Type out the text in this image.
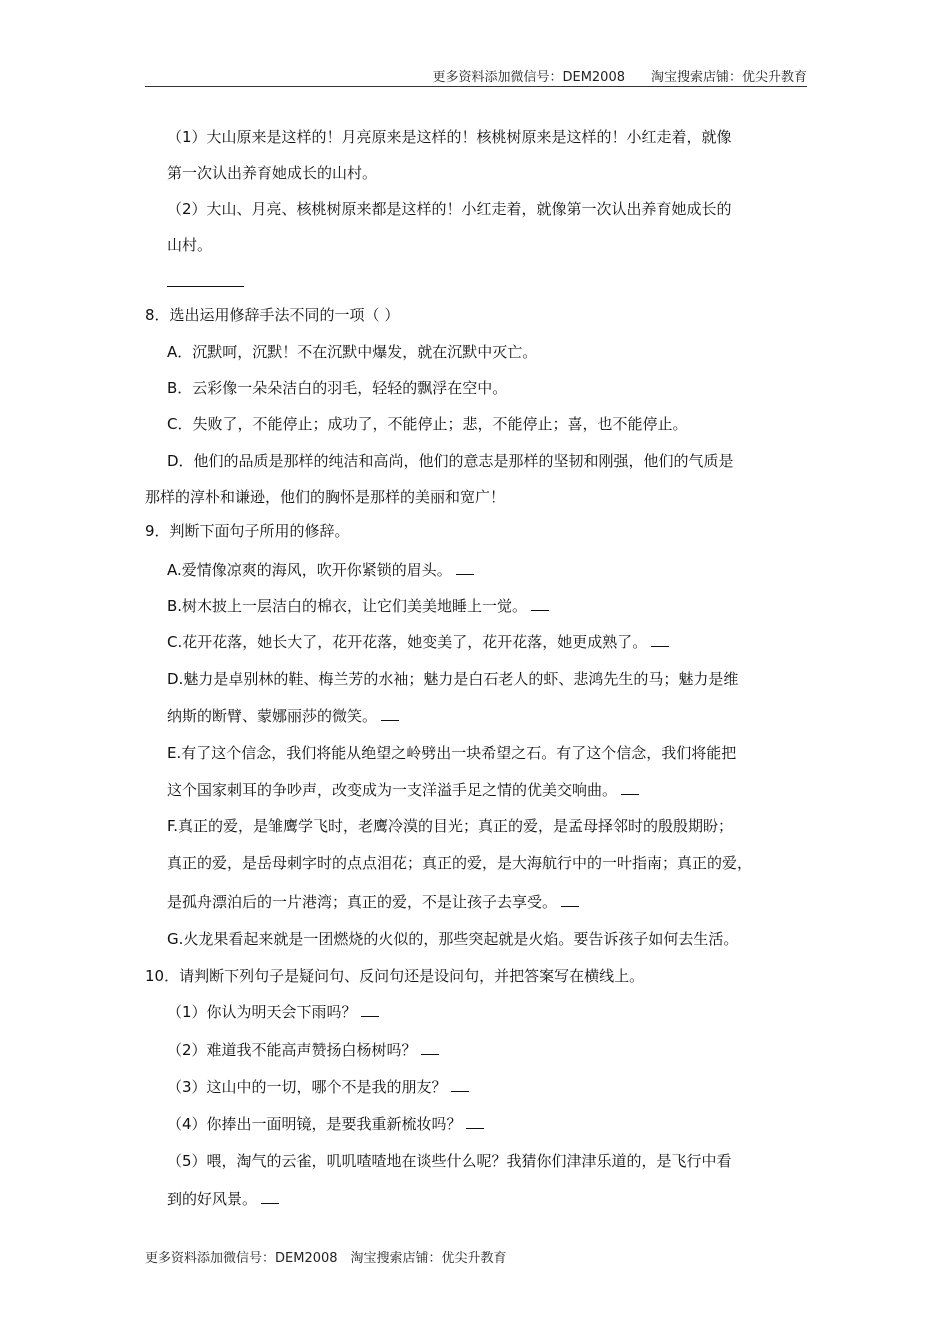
更多资料添加微信号：DEM2008　　淘宝搜索店铺：优尖升教育
（1）大山原来是这样的！月亮原来是这样的！核桃树原来是这样的！小红走着，就像
第一次认出养育她成长的山村。
（2）大山、月亮、核桃树原来都是这样的！小红走着，就像第一次认出养育她成长的
山村。
8．选出运用修辞手法不同的一项（ ）
A．沉默呵，沉默！不在沉默中爆发，就在沉默中灭亡。
B．云彩像一朵朵洁白的羽毛，轻轻的飘浮在空中。
C．失败了，不能停止；成功了，不能停止；悲，不能停止；喜，也不能停止。
D．他们的品质是那样的纯洁和高尚，他们的意志是那样的坚韧和刚强，他们的气质是
那样的淳朴和谦逊，他们的胸怀是那样的美丽和宽广！
9．判断下面句子所用的修辞。
A.爱情像凉爽的海风，吹开你紧锁的眉头。
B.树木披上一层洁白的棉衣，让它们美美地睡上一觉。
C.花开花落，她长大了，花开花落，她变美了，花开花落，她更成熟了。
D.魅力是卓别林的鞋、梅兰芳的水袖；魅力是白石老人的虾、悲鸿先生的马；魅力是维
纳斯的断臂、蒙娜丽莎的微笑。
E.有了这个信念，我们将能从绝望之岭劈出一块希望之石。有了这个信念，我们将能把
这个国家刺耳的争吵声，改变成为一支洋溢手足之情的优美交响曲。
F.真正的爱，是雏鹰学飞时，老鹰冷漠的目光；真正的爱，是孟母择邻时的殷殷期盼；
真正的爱，是岳母刺字时的点点泪花；真正的爱，是大海航行中的一叶指南；真正的爱，
是孤舟漂泊后的一片港湾；真正的爱，不是让孩子去享受。
G.火龙果看起来就是一团燃烧的火似的，那些突起就是火焰。要告诉孩子如何去生活。
10．请判断下列句子是疑问句、反问句还是设问句，并把答案写在横线上。
（1）你认为明天会下雨吗？
（2）难道我不能高声赞扬白杨树吗？
（3）这山中的一切，哪个不是我的朋友？
（4）你捧出一面明镜，是要我重新梳妆吗？
（5）喂，淘气的云雀，叽叽喳喳地在谈些什么呢？我猜你们津津乐道的，是飞行中看
到的好风景。
更多资料添加微信号：DEM2008　淘宝搜索店铺：优尖升教育
